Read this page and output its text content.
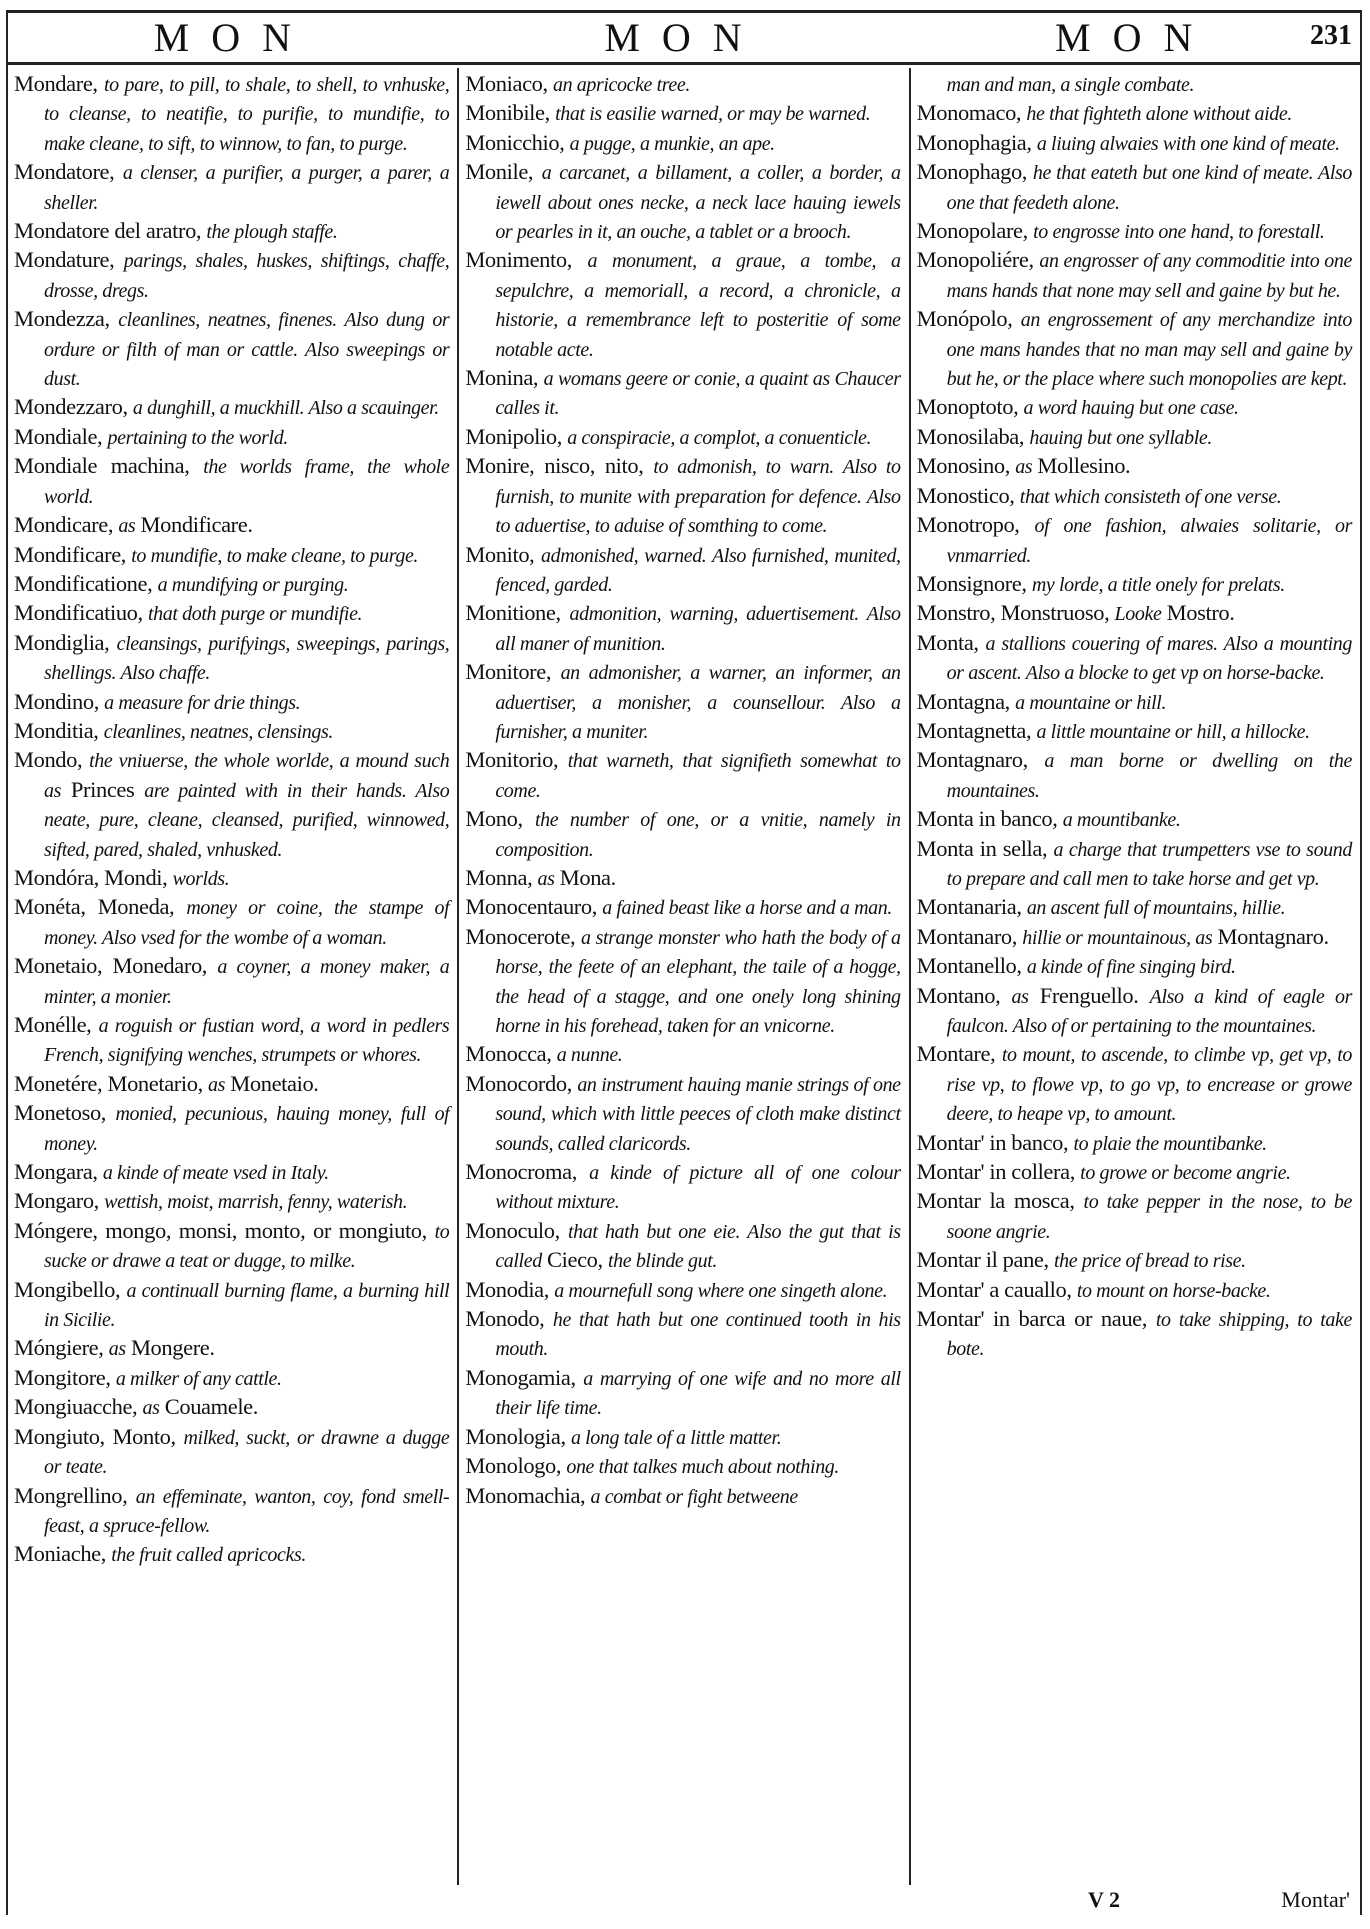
MON	MON	MON	231
Mondare, to pare, to pill, to shale, to shell, to vnhuske, to cleanse, to neatifie, to purifie, to mundifie, to make cleane, to sift, to winnow, to fan, to purge.
Mondatore, a clenser, a purifier, a purger, a parer, a sheller.
Mondatore del aratro, the plough staffe.
Mondature, parings, shales, huskes, shiftings, chaffe, drosse, dregs.
Mondezza, cleanlines, neatnes, finenes. Also dung or ordure or filth of man or cattle. Also sweepings or dust.
Mondezzaro, a dunghill, a muckhill. Also a scauinger.
Mondiale, pertaining to the world.
Mondiale machina, the worlds frame, the whole world.
Mondicare, as Mondificare.
Mondificare, to mundifie, to make cleane, to purge.
Mondificatione, a mundifying or purging.
Mondificatiuo, that doth purge or mundifie.
Mondiglia, cleansings, purifyings, sweepings, parings, shellings. Also chaffe.
Mondino, a measure for drie things.
Monditia, cleanlines, neatnes, clensings.
Mondo, the vniuerse, the whole worlde, a mound such as Princes are painted with in their hands. Also neate, pure, cleane, cleansed, purified, winnowed, sifted, pared, shaled, vnhusked.
Mondóra, Mondi, worlds.
Monéta, Moneda, money or coine, the stampe of money. Also vsed for the wombe of a woman.
Monetaio, Monedaro, a coyner, a money maker, a minter, a monier.
Monélle, a roguish or fustian word, a word in pedlers French, signifying wenches, strumpets or whores.
Monetére, Monetario, as Monetaio.
Monetoso, monied, pecunious, hauing money, full of money.
Mongara, a kinde of meate vsed in Italy.
Mongaro, wettish, moist, marrish, fenny, waterish.
Móngere, mongo, monsi, monto, or mongiuto, to sucke or drawe a teat or dugge, to milke.
Mongibello, a continuall burning flame, a burning hill in Sicilie.
Móngiere, as Mongere.
Mongitore, a milker of any cattle.
Mongiuacche, as Couamele.
Mongiuto, Monto, milked, suckt, or drawne a dugge or teate.
Mongrellino, an effeminate, wanton, coy, fond smell-feast, a spruce-fellow.
Moniache, the fruit called apricocks.
Moniaco, an apricocke tree.
Monibile, that is easilie warned, or may be warned.
Monicchio, a pugge, a munkie, an ape.
Monile, a carcanet, a billament, a coller, a border, a iewell about ones necke, a neck lace hauing iewels or pearles in it, an ouche, a tablet or a brooch.
Monimento, a monument, a graue, a tombe, a sepulchre, a memoriall, a record, a chronicle, a historie, a remembrance left to posteritie of some notable acte.
Monina, a womans geere or conie, a quaint as Chaucer calles it.
Monipolio, a conspiracie, a complot, a conuenticle.
Monire, nisco, nito, to admonish, to warn. Also to furnish, to munite with preparation for defence. Also to aduertise, to aduise of somthing to come.
Monito, admonished, warned. Also furnished, munited, fenced, garded.
Monitione, admonition, warning, aduertisement. Also all maner of munition.
Monitore, an admonisher, a warner, an informer, an aduertiser, a monisher, a counsellour. Also a furnisher, a muniter.
Monitorio, that warneth, that signifieth somewhat to come.
Mono, the number of one, or a vnitie, namely in composition.
Monna, as Mona.
Monocentauro, a fained beast like a horse and a man.
Monocerote, a strange monster who hath the body of a horse, the feete of an elephant, the taile of a hogge, the head of a stagge, and one onely long shining horne in his forehead, taken for an vnicorne.
Monocca, a nunne.
Monocordo, an instrument hauing manie strings of one sound, which with little peeces of cloth make distinct sounds, called claricords.
Monocroma, a kinde of picture all of one colour without mixture.
Monoculo, that hath but one eie. Also the gut that is called Cieco, the blinde gut.
Monodia, a mournefull song where one singeth alone.
Monodo, he that hath but one continued tooth in his mouth.
Monogamia, a marrying of one wife and no more all their life time.
Monologia, a long tale of a little matter.
Monologo, one that talkes much about nothing.
Monomachia, a combat or fight betweene
man and man, a single combate.
Monomaco, he that fighteth alone without aide.
Monophagia, a liuing alwaies with one kind of meate.
Monophago, he that eateth but one kind of meate. Also one that feedeth alone.
Monopolare, to engrosse into one hand, to forestall.
Monopoliére, an engrosser of any commoditie into one mans hands that none may sell and gaine by but he.
Monópolo, an engrossement of any merchandize into one mans handes that no man may sell and gaine by but he, or the place where such monopolies are kept.
Monoptoto, a word hauing but one case.
Monosilaba, hauing but one syllable.
Monosino, as Mollesino.
Monostico, that which consisteth of one verse.
Monotropo, of one fashion, alwaies solitarie, or vnmarried.
Monsignore, my lorde, a title onely for prelats.
Monstro, Monstruoso, Looke Mostro.
Monta, a stallions couering of mares. Also a mounting or ascent. Also a blocke to get vp on horse-backe.
Montagna, a mountaine or hill.
Montagnetta, a little mountaine or hill, a hillocke.
Montagnaro, a man borne or dwelling on the mountaines.
Monta in banco, a mountibanke.
Monta in sella, a charge that trumpetters vse to sound to prepare and call men to take horse and get vp.
Montanaria, an ascent full of mountains, hillie.
Montanaro, hillie or mountainous, as Montagnaro.
Montanello, a kinde of fine singing bird.
Montano, as Frenguello. Also a kind of eagle or faulcon. Also of or pertaining to the mountaines.
Montare, to mount, to ascende, to climbe vp, get vp, to rise vp, to flowe vp, to go vp, to encrease or growe deere, to heape vp, to amount.
Montar' in banco, to plaie the mountibanke.
Montar' in collera, to growe or become angrie.
Montar la mosca, to take pepper in the nose, to be soone angrie.
Montar il pane, the price of bread to rise.
Montar' a cauallo, to mount on horse-backe.
Montar' in barca or naue, to take shipping, to take bote.
V 2	Montar'
